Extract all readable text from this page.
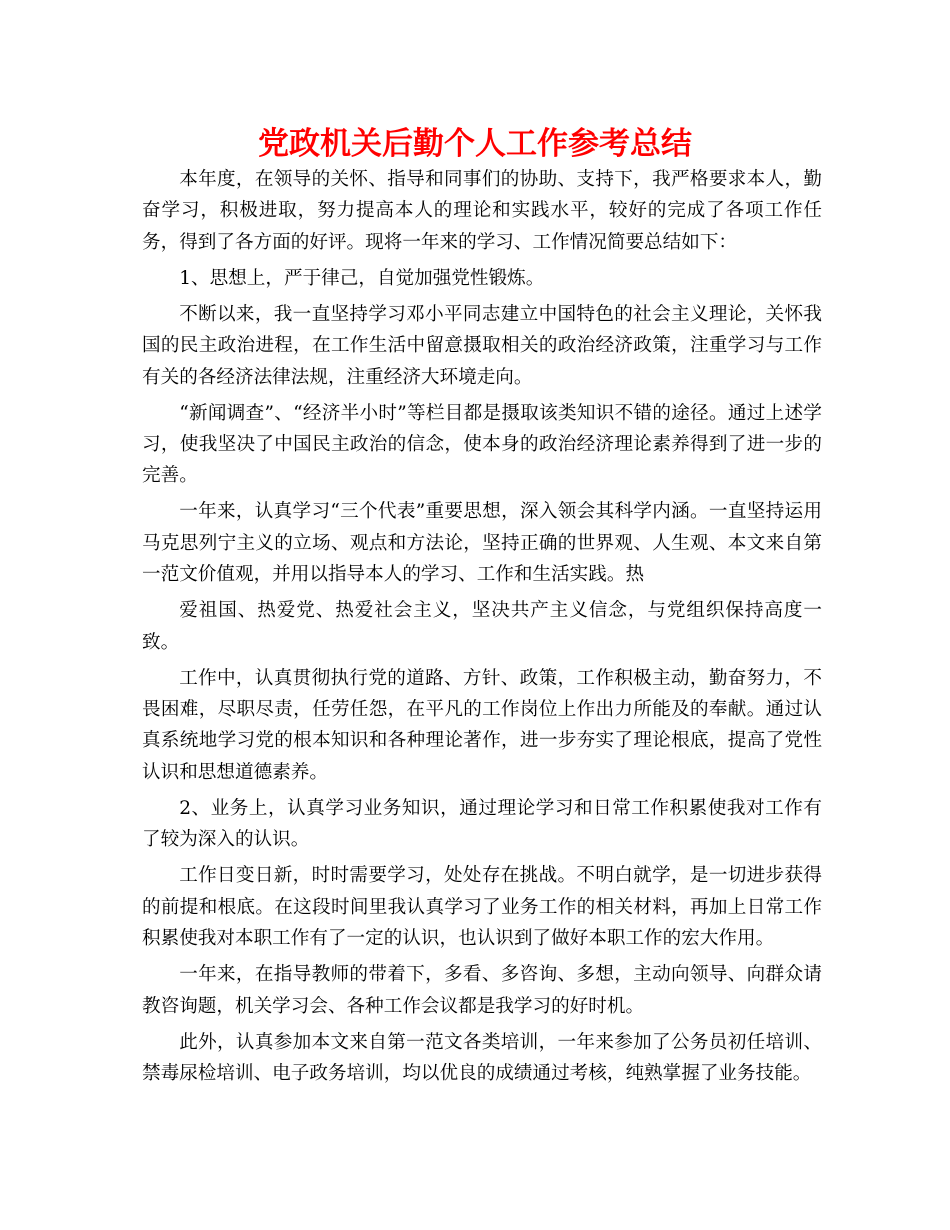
党政机关后勤个人工作参考总结

本年度，在领导的关怀、指导和同事们的协助、支持下，我严格要求本人，勤奋学习，积极进取，努力提高本人的理论和实践水平，较好的完成了各项工作任务，得到了各方面的好评。现将一年来的学习、工作情况简要总结如下：

1、思想上，严于律己，自觉加强党性锻炼。

不断以来，我一直坚持学习邓小平同志建立中国特色的社会主义理论，关怀我国的民主政治进程，在工作生活中留意摄取相关的政治经济政策，注重学习与工作有关的各经济法律法规，注重经济大环境走向。

“新闻调查”、“经济半小时”等栏目都是摄取该类知识不错的途径。通过上述学习，使我坚决了中国民主政治的信念，使本身的政治经济理论素养得到了进一步的完善。

一年来，认真学习“三个代表”重要思想，深入领会其科学内涵。一直坚持运用马克思列宁主义的立场、观点和方法论，坚持正确的世界观、人生观、本文来自第一范文价值观，并用以指导本人的学习、工作和生活实践。热

爱祖国、热爱党、热爱社会主义，坚决共产主义信念，与党组织保持高度一致。

工作中，认真贯彻执行党的道路、方针、政策，工作积极主动，勤奋努力，不畏困难，尽职尽责，任劳任怨，在平凡的工作岗位上作出力所能及的奉献。通过认真系统地学习党的根本知识和各种理论著作，进一步夯实了理论根底，提高了党性认识和思想道德素养。

2、业务上，认真学习业务知识，通过理论学习和日常工作积累使我对工作有了较为深入的认识。

工作日变日新，时时需要学习，处处存在挑战。不明白就学，是一切进步获得的前提和根底。在这段时间里我认真学习了业务工作的相关材料，再加上日常工作积累使我对本职工作有了一定的认识，也认识到了做好本职工作的宏大作用。

一年来，在指导教师的带着下，多看、多咨询、多想，主动向领导、向群众请教咨询题，机关学习会、各种工作会议都是我学习的好时机。

此外，认真参加本文来自第一范文各类培训，一年来参加了公务员初任培训、禁毒尿检培训、电子政务培训，均以优良的成绩通过考核，纯熟掌握了业务技能。
